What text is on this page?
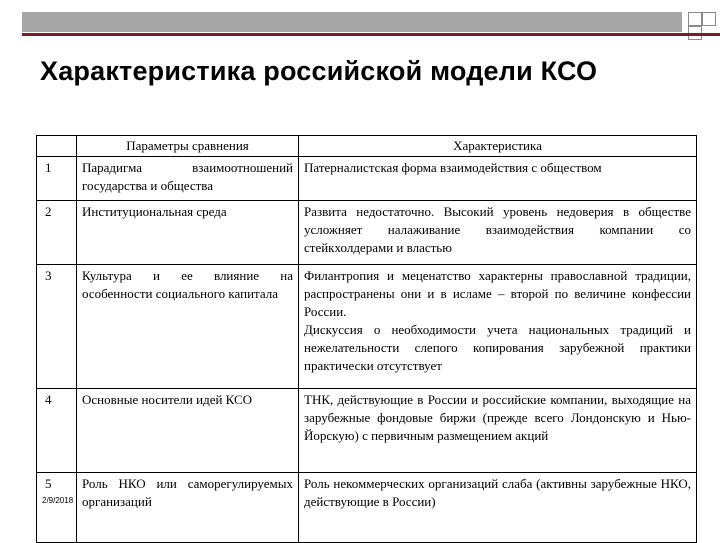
Характеристика российской модели КСО
	Параметры сравнения	Характеристика
1	Парадигма взаимоотношений государства и общества	Патерналистская форма взаимодействия с обществом
2	Институциональная среда	Развита недостаточно. Высокий уровень недоверия в обществе усложняет налаживание взаимодействия компании со стейкхолдерами и властью
3	Культура и ее влияние на особенности социального капитала	Филантропия и меценатство характерны православной традиции, распространены они и в исламе – второй по величине конфессии России.
Дискуссия о необходимости учета национальных традиций и нежелательности слепого копирования зарубежной практики практически отсутствует

4	Основные носители идей КСО	ТНК, действующие в России и российские компании, выходящие на зарубежные фондовые биржи (прежде всего Лондонскую и Нью-Йорскую) с первичным размещением акций
5	Роль НКО или саморегулируемых организаций	Роль некоммерческих организаций слаба (активны зарубежные НКО, действующие в России)
2/9/2018
